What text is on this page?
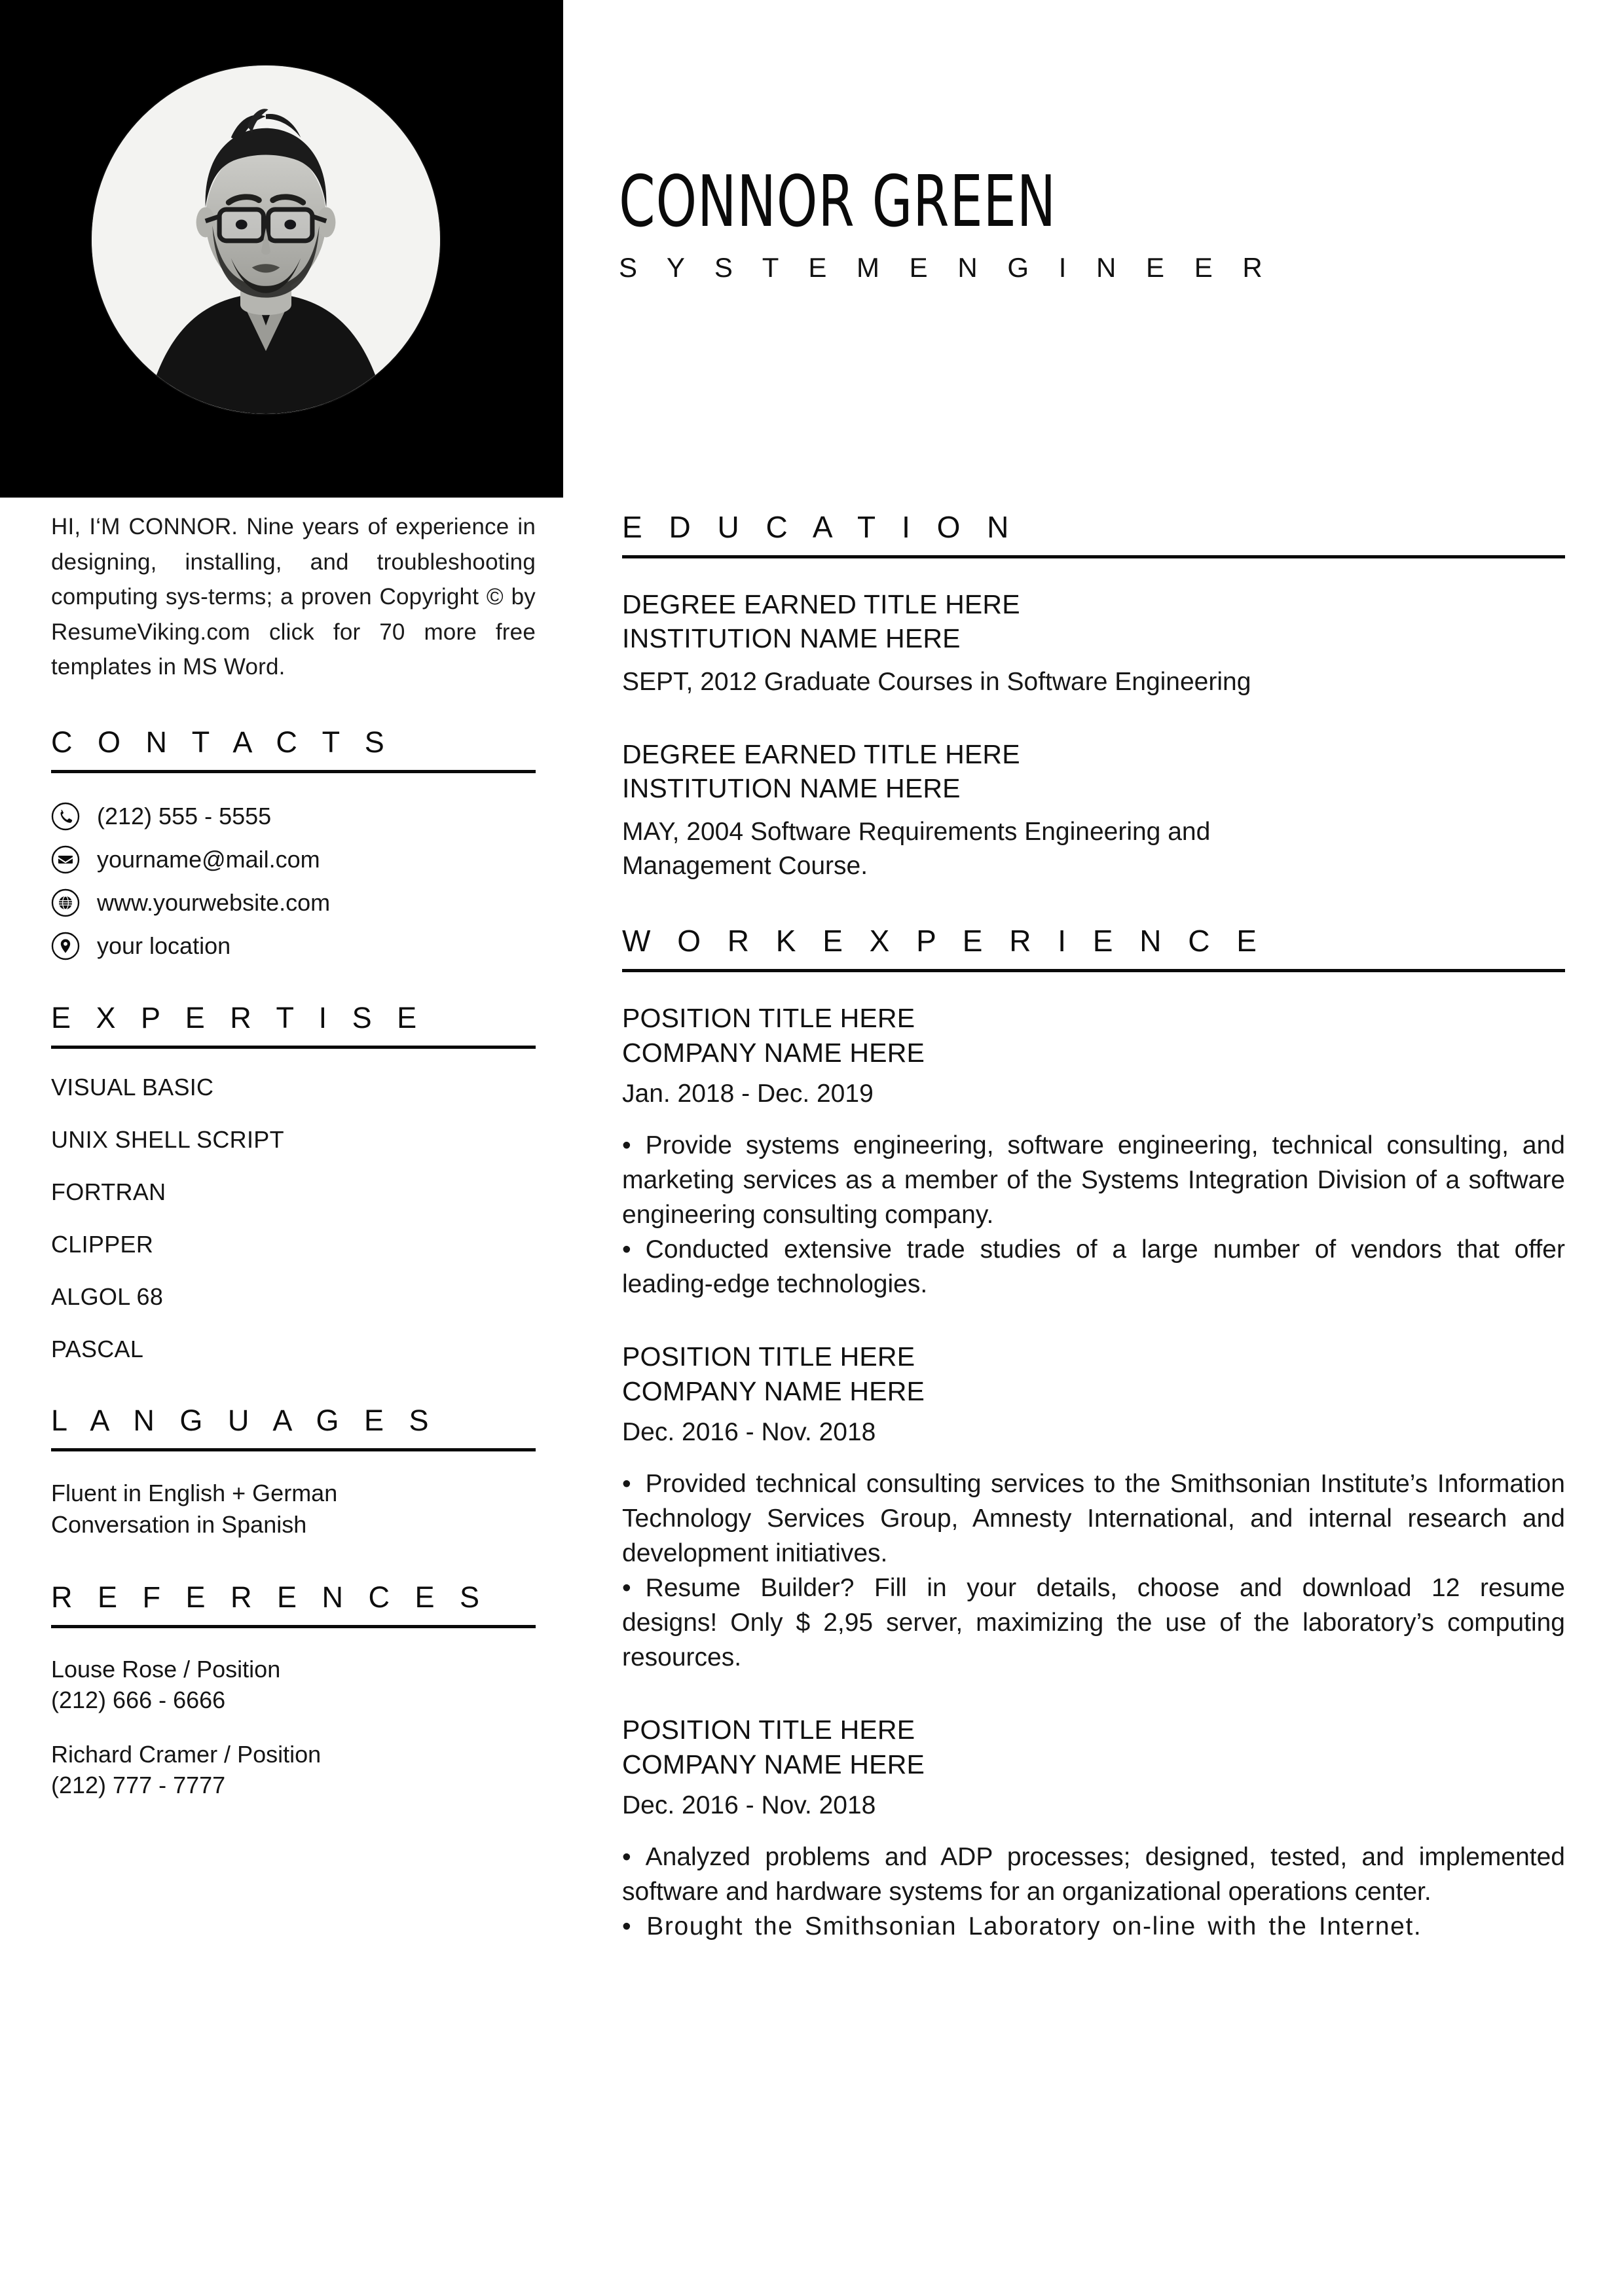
CONNOR GREEN
S Y S T E M E N G I N E E R
HI, I‘M CONNOR. Nine years of experience in designing, installing, and troubleshooting computing sys-terms; a proven Copyright © by ResumeViking.com click for 70 more free templates in MS Word.
C O N T A C T S
(212) 555 - 5555
yourname@mail.com
www.yourwebsite.com
your location
E X P E R T I S E
VISUAL BASIC
UNIX SHELL SCRIPT
FORTRAN
CLIPPER
ALGOL 68
PASCAL
L A N G U A G E S
Fluent in English + German
Conversation in Spanish
R E F E R E N C E S
Louse Rose / Position
(212) 666 - 6666
Richard Cramer / Position
(212) 777 - 7777
E D U C A T I O N
DEGREE EARNED TITLE HERE
INSTITUTION NAME HERE
SEPT, 2012 Graduate Courses in Software Engineering
DEGREE EARNED TITLE HERE
INSTITUTION NAME HERE
MAY, 2004 Software Requirements Engineering and Management Course.
W O R K E X P E R I E N C E
POSITION TITLE HERE
COMPANY NAME HERE
Jan. 2018 - Dec. 2019
• Provide systems engineering, software engineering, technical consulting, and marketing services as a member of the Systems Integration Division of a software engineering consulting company.
• Conducted extensive trade studies of a large number of vendors that offer leading-edge technologies.
POSITION TITLE HERE
COMPANY NAME HERE
Dec. 2016 - Nov. 2018
• Provided technical consulting services to the Smithsonian Institute’s Information Technology Services Group, Amnesty International, and internal research and development initiatives.
• Resume Builder? Fill in your details, choose and download 12 resume designs! Only $ 2,95 server, maximizing the use of the laboratory’s computing resources.
POSITION TITLE HERE
COMPANY NAME HERE
Dec. 2016 - Nov. 2018
• Analyzed problems and ADP processes; designed, tested, and implemented software and hardware systems for an organizational operations center.
• Brought the Smithsonian Laboratory on-line with the Internet.
